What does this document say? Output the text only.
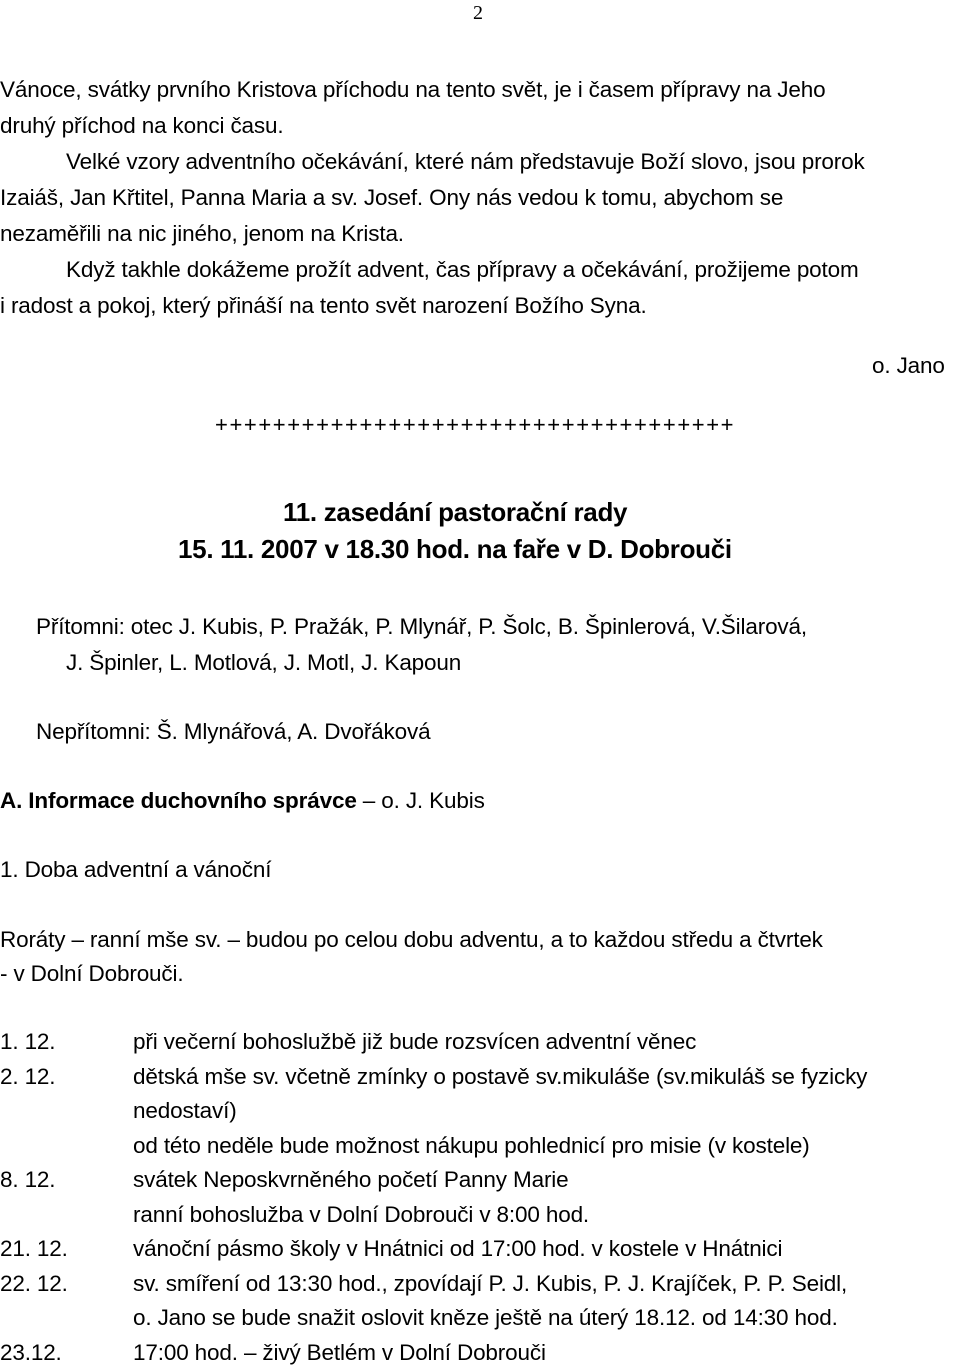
2

Vánoce, svátky prvního Kristova příchodu na tento svět, je i časem přípravy na Jeho

druhý příchod na konci času.

Velké vzory adventního očekávání, které nám představuje Boží slovo, jsou prorok

Izaiáš, Jan Křtitel, Panna Maria a sv. Josef. Ony nás vedou k tomu, abychom se

nezaměřili na nic jiného, jenom na Krista.

Když takhle dokážeme prožít advent, čas přípravy a očekávání, prožijeme potom

i radost a pokoj, který přináší na tento svět narození Božího Syna.

o. Jano
++++++++++++++++++++++++++++++++++++
11. zasedání pastorační rady
15. 11. 2007 v 18.30 hod. na faře v D. Dobrouči
Přítomni: otec J. Kubis, P. Pražák, P. Mlynář, P. Šolc, B. Špinlerová, V.Šilarová,
J. Špinler, L. Motlová, J. Motl, J. Kapoun
Nepřítomni: Š. Mlynářová, A. Dvořáková
A. Informace duchovního správce – o. J. Kubis
1. Doba adventní a vánoční
Roráty – ranní mše sv. – budou po celou dobu adventu, a to každou středu a čtvrtek
- v Dolní Dobrouči.
1. 12.	při večerní bohoslužbě již bude rozsvícen adventní věnec
2. 12.	dětská mše sv. včetně zmínky o postavě sv.mikuláše (sv.mikuláš se fyzicky
nedostaví)
od této neděle bude možnost nákupu pohlednicí pro misie (v kostele)
8. 12.	svátek Neposkvrněného početí Panny Marie
ranní bohoslužba v Dolní Dobrouči v 8:00 hod.
21. 12.	vánoční pásmo školy v Hnátnici od 17:00 hod. v kostele v Hnátnici
22. 12.	sv. smíření od 13:30 hod., zpovídají P. J. Kubis, P. J. Krajíček, P. P. Seidl,
o. Jano se bude snažit oslovit kněze ještě na úterý 18.12. od 14:30 hod.
23.12.	17:00 hod. – živý Betlém v Dolní Dobrouči
